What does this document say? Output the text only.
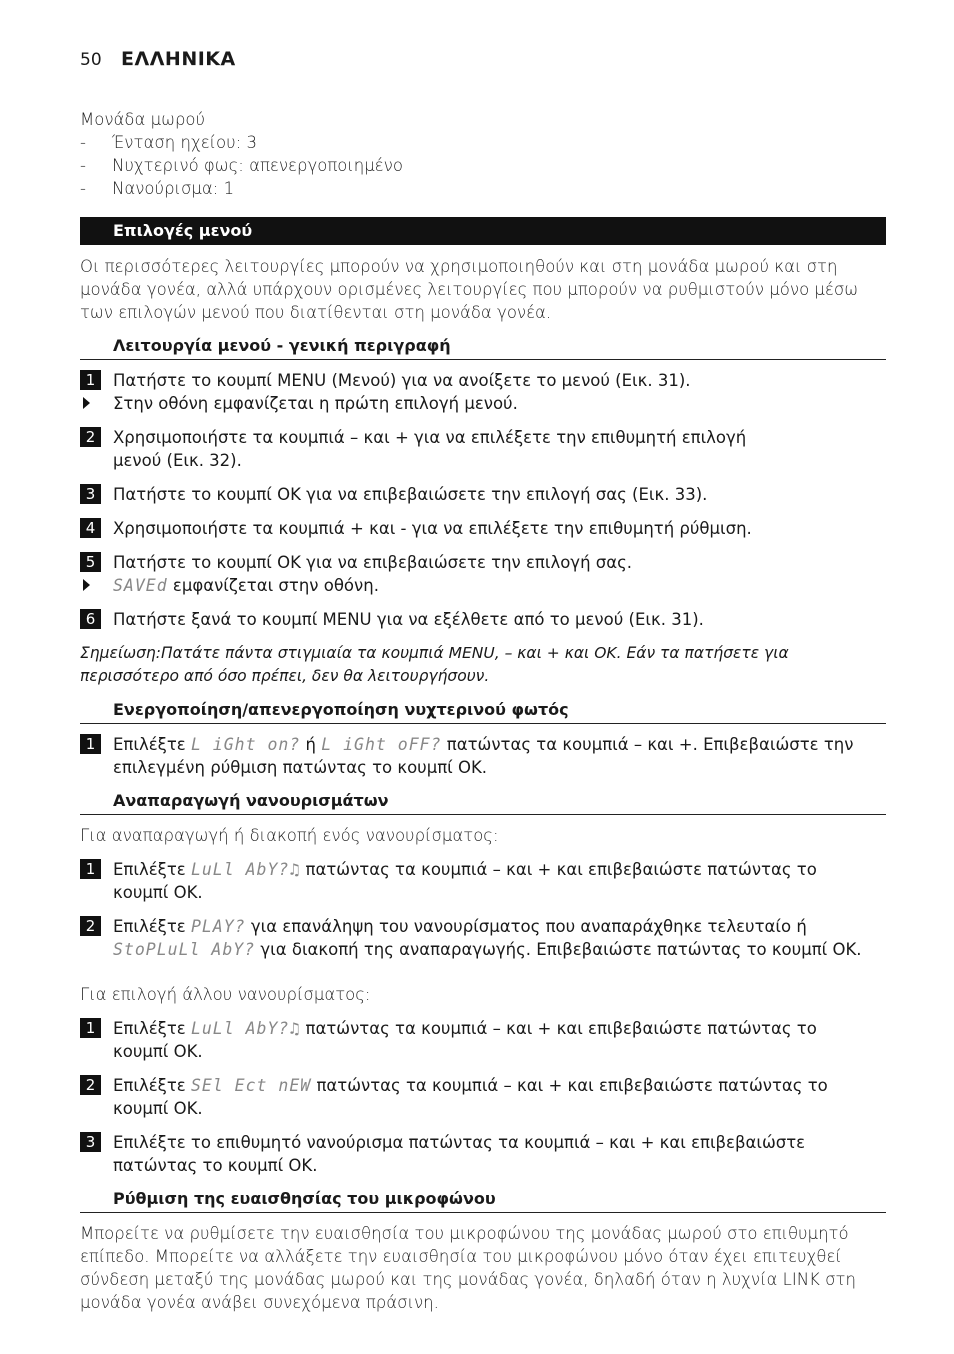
50 ΕΛΛΗΝΙΚΑ
Μονάδα μωρού
-	Ένταση ηχείου: 3
-	Νυχτερινό φως: απενεργοποιημένο
-	Νανούρισμα: 1
Επιλογές μενού
Οι περισσότερες λειτουργίες μπορούν να χρησιμοποιηθούν και στη μονάδα μωρού και στη μονάδα γονέα, αλλά υπάρχουν ορισμένες λειτουργίες που μπορούν να ρυθμιστούν μόνο μέσω των επιλογών μενού που διατίθενται στη μονάδα γονέα.
Λειτουργία μενού - γενική περιγραφή
1	Πατήστε το κουμπί MENU (Μενού) για να ανοίξετε το μενού (Εικ. 31).
Στην οθόνη εμφανίζεται η πρώτη επιλογή μενού.
2	Χρησιμοποιήστε τα κουμπιά – και + για να επιλέξετε την επιθυμητή επιλογή μενού (Εικ. 32).
3	Πατήστε το κουμπί OK για να επιβεβαιώσετε την επιλογή σας (Εικ. 33).
4	Χρησιμοποιήστε τα κουμπιά + και - για να επιλέξετε την επιθυμητή ρύθμιση.
5	Πατήστε το κουμπί OK για να επιβεβαιώσετε την επιλογή σας.
SAVEd εμφανίζεται στην οθόνη.
6	Πατήστε ξανά το κουμπί MENU για να εξέλθετε από το μενού (Εικ. 31).
Σημείωση:Πατάτε πάντα στιγμιαία τα κουμπιά MENU, – και + και OK. Εάν τα πατήσετε για περισσότερο από όσο πρέπει, δεν θα λειτουργήσουν.
Ενεργοποίηση/απενεργοποίηση νυχτερινού φωτός
1	Επιλέξτε L iGht on? ή L iGht oFF? πατώντας τα κουμπιά – και +. Επιβεβαιώστε την επιλεγμένη ρύθμιση πατώντας το κουμπί OK.
Αναπαραγωγή νανουρισμάτων
Για αναπαραγωγή ή διακοπή ενός νανουρίσματος:
1	Επιλέξτε LuLl AbY?♫ πατώντας τα κουμπιά – και + και επιβεβαιώστε πατώντας το κουμπί OK.
2	Επιλέξτε PLAY? για επανάληψη του νανουρίσματος που αναπαράχθηκε τελευταίο ή StoPLuLl AbY? για διακοπή της αναπαραγωγής. Επιβεβαιώστε πατώντας το κουμπί OK.
Για επιλογή άλλου νανουρίσματος:
1	Επιλέξτε LuLl AbY?♫ πατώντας τα κουμπιά – και + και επιβεβαιώστε πατώντας το κουμπί OK.
2	Επιλέξτε SEl Ect nEW πατώντας τα κουμπιά – και + και επιβεβαιώστε πατώντας το κουμπί OK.
3	Επιλέξτε το επιθυμητό νανούρισμα πατώντας τα κουμπιά – και + και επιβεβαιώστε πατώντας το κουμπί OK.
Ρύθμιση της ευαισθησίας του μικροφώνου
Μπορείτε να ρυθμίσετε την ευαισθησία του μικροφώνου της μονάδας μωρού στο επιθυμητό επίπεδο. Μπορείτε να αλλάξετε την ευαισθησία του μικροφώνου μόνο όταν έχει επιτευχθεί σύνδεση μεταξύ της μονάδας μωρού και της μονάδας γονέα, δηλαδή όταν η λυχνία LINK στη μονάδα γονέα ανάβει συνεχόμενα πράσινη.
